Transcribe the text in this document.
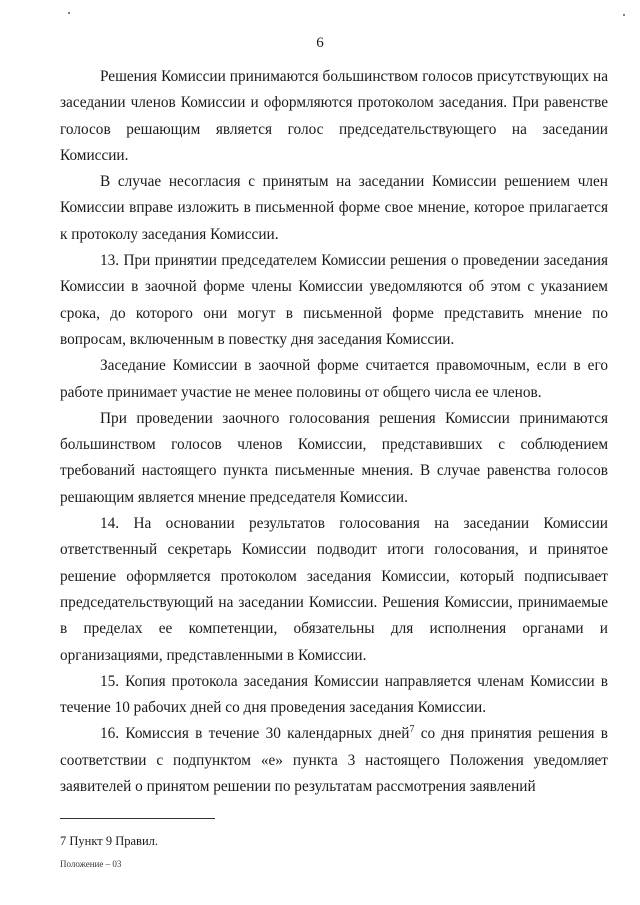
6

Решения Комиссии принимаются большинством голосов присутствующих на заседании членов Комиссии и оформляются протоколом заседания. При равенстве голосов решающим является голос председательствующего на заседании Комиссии.

В случае несогласия с принятым на заседании Комиссии решением член Комиссии вправе изложить в письменной форме свое мнение, которое прилагается к протоколу заседания Комиссии.

13. При принятии председателем Комиссии решения о проведении заседания Комиссии в заочной форме члены Комиссии уведомляются об этом с указанием срока, до которого они могут в письменной форме представить мнение по вопросам, включенным в повестку дня заседания Комиссии.

Заседание Комиссии в заочной форме считается правомочным, если в его работе принимает участие не менее половины от общего числа ее членов.

При проведении заочного голосования решения Комиссии принимаются большинством голосов членов Комиссии, представивших с соблюдением требований настоящего пункта письменные мнения. В случае равенства голосов решающим является мнение председателя Комиссии.

14. На основании результатов голосования на заседании Комиссии ответственный секретарь Комиссии подводит итоги голосования, и принятое решение оформляется протоколом заседания Комиссии, который подписывает председательствующий на заседании Комиссии. Решения Комиссии, принимаемые в пределах ее компетенции, обязательны для исполнения органами и организациями, представленными в Комиссии.

15. Копия протокола заседания Комиссии направляется членам Комиссии в течение 10 рабочих дней со дня проведения заседания Комиссии.

16. Комиссия в течение 30 календарных дней$^7$ со дня принятия решения в соответствии с подпунктом «е» пункта 3 настоящего Положения уведомляет заявителей о принятом решении по результатам рассмотрения заявлений

7 Пункт 9 Правил.
Положение – 03
